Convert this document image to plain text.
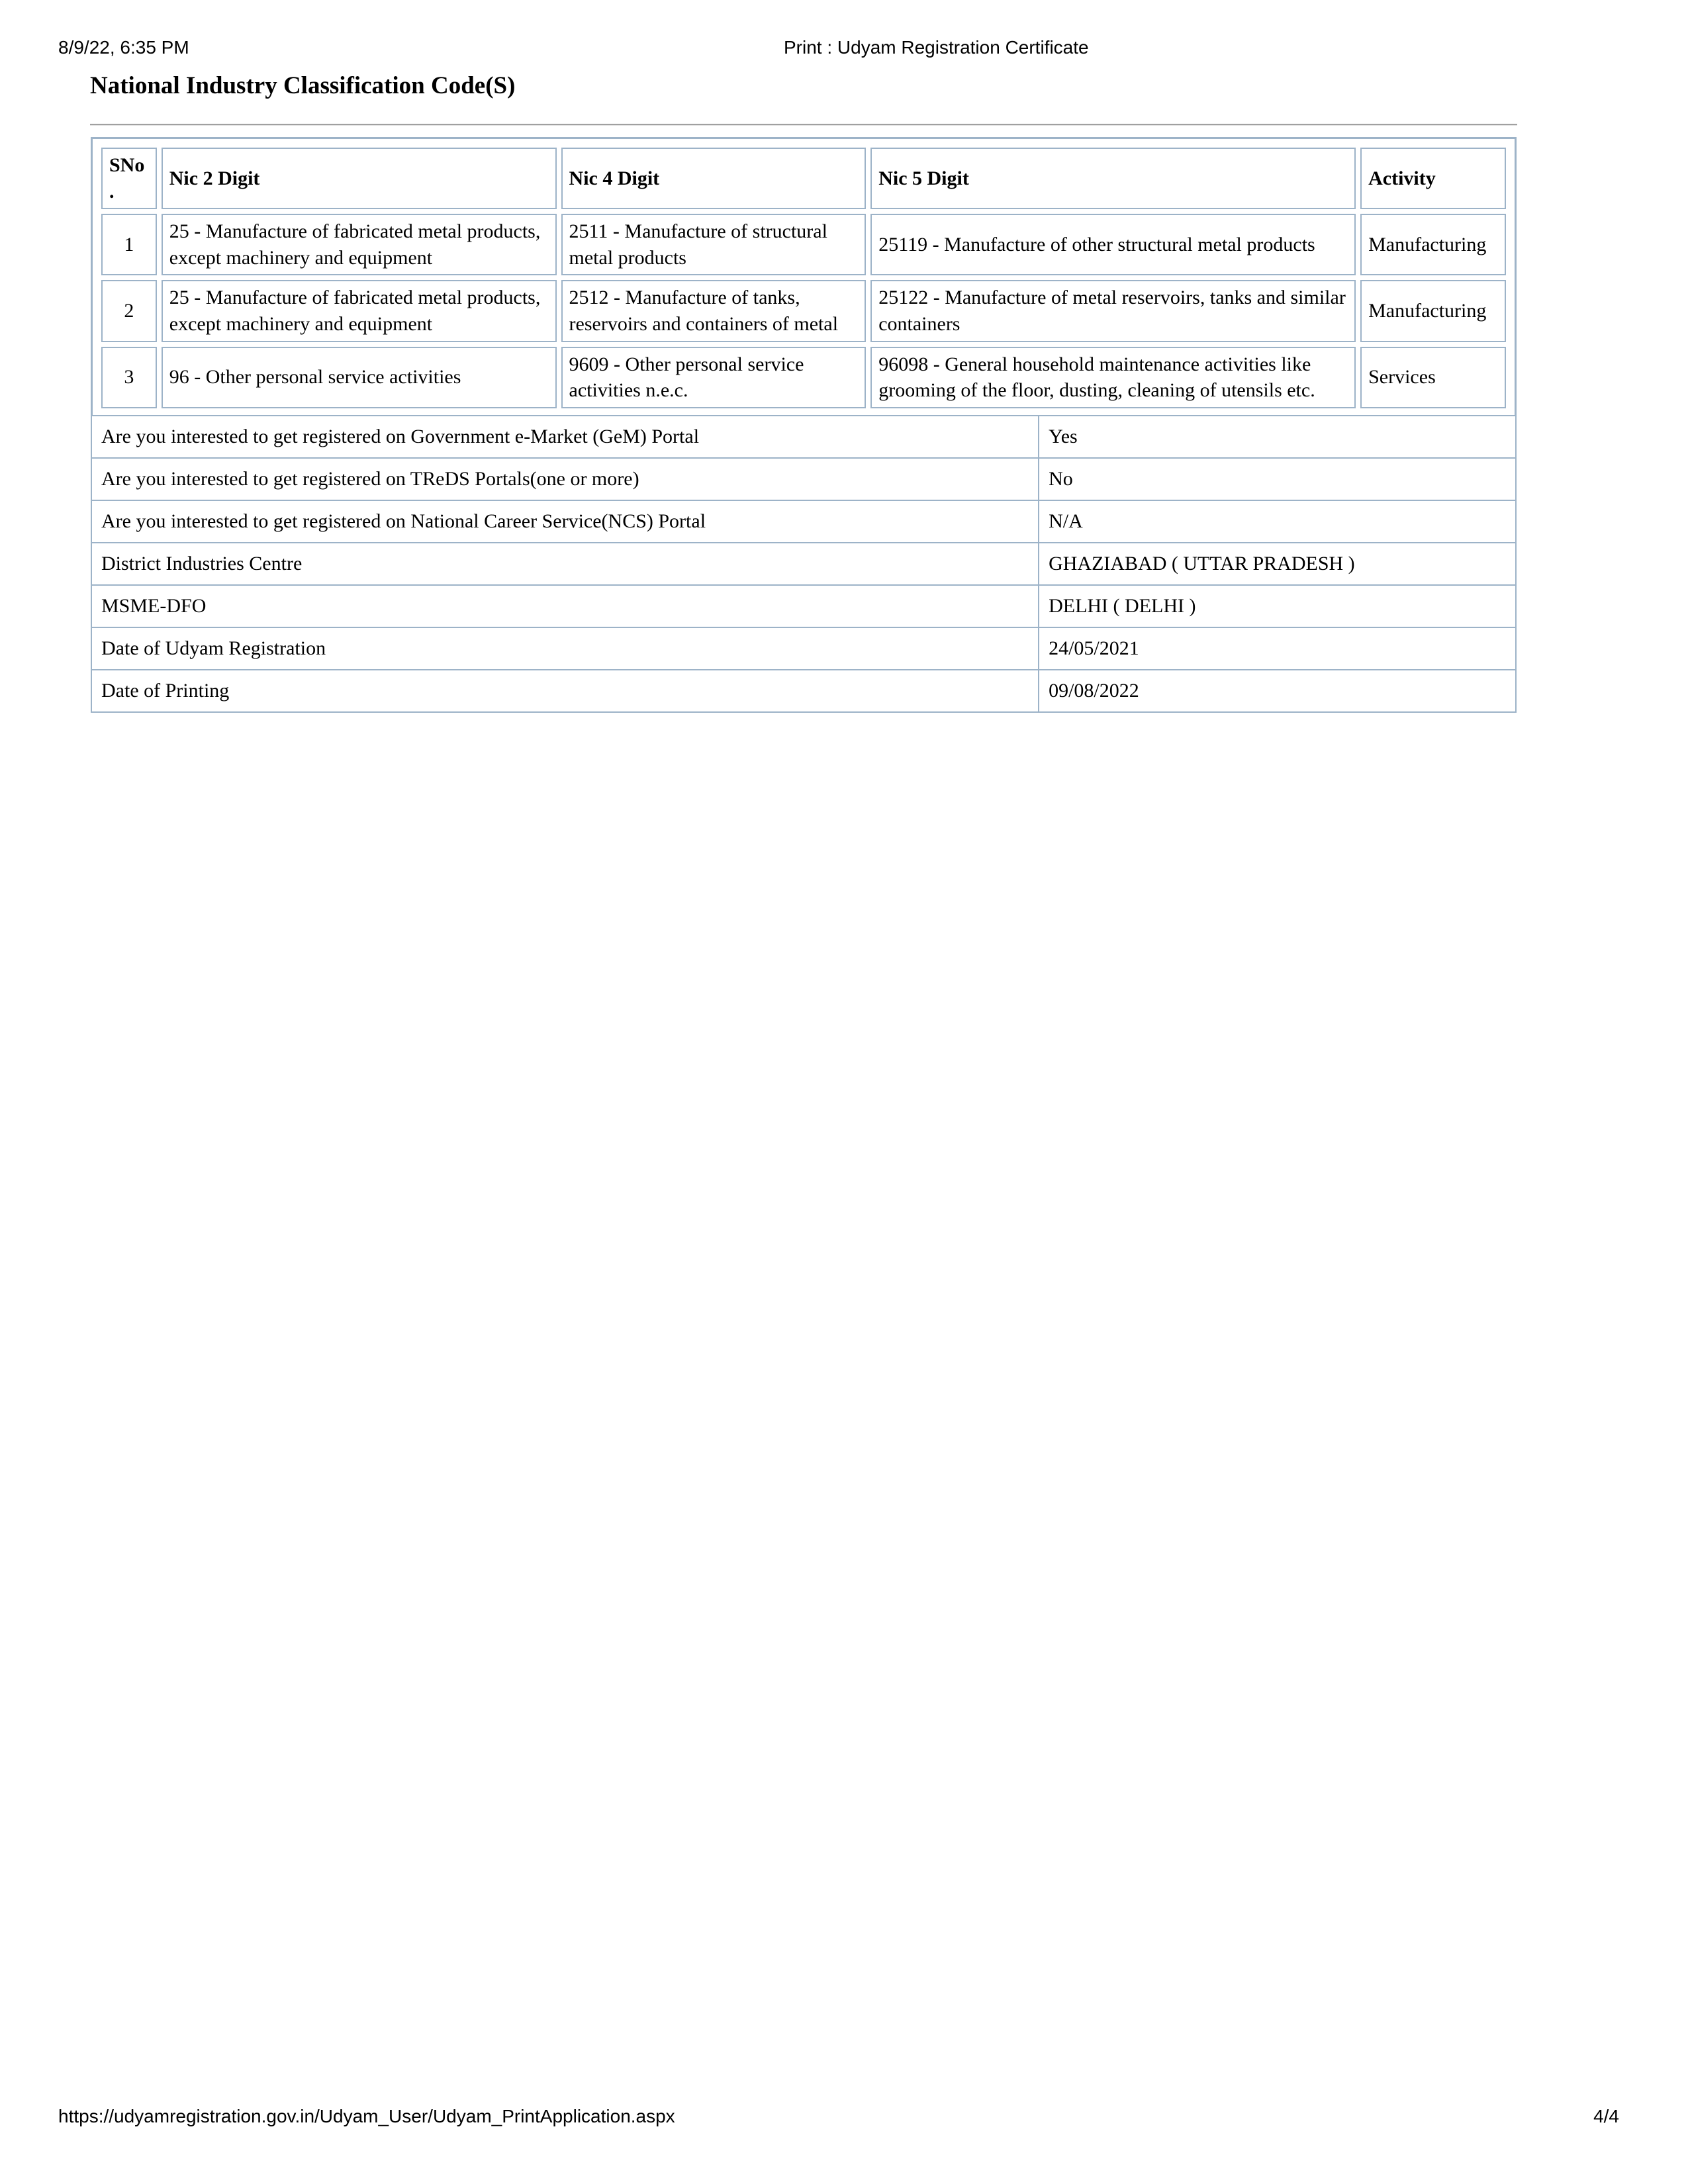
8/9/22, 6:35 PM	Print : Udyam Registration Certificate
National Industry Classification Code(S)
SNo.	Nic 2 Digit	Nic 4 Digit	Nic 5 Digit	Activity
1	25 - Manufacture of fabricated metal products, except machinery and equipment	2511 - Manufacture of structural metal products	25119 - Manufacture of other structural metal products	Manufacturing
2	25 - Manufacture of fabricated metal products, except machinery and equipment	2512 - Manufacture of tanks, reservoirs and containers of metal	25122 - Manufacture of metal reservoirs, tanks and similar containers	Manufacturing
3	96 - Other personal service activities	9609 - Other personal service activities n.e.c.	96098 - General household maintenance activities like grooming of the floor, dusting, cleaning of utensils etc.	Services
Are you interested to get registered on Government e-Market (GeM) Portal	Yes
Are you interested to get registered on TReDS Portals(one or more)	No
Are you interested to get registered on National Career Service(NCS) Portal	N/A
District Industries Centre	GHAZIABAD ( UTTAR PRADESH )
MSME-DFO	DELHI ( DELHI )
Date of Udyam Registration	24/05/2021
Date of Printing	09/08/2022
https://udyamregistration.gov.in/Udyam_User/Udyam_PrintApplication.aspx	4/4
